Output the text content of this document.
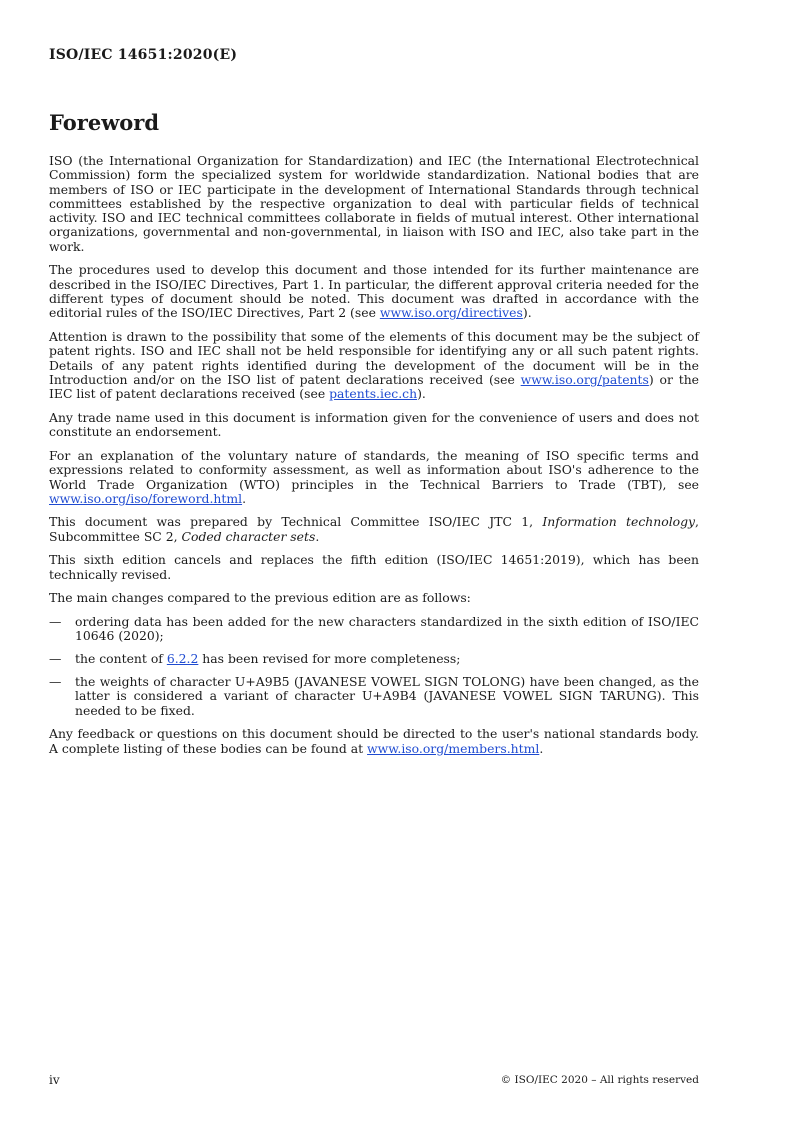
ISO/IEC 14651:2020(E)
Foreword

ISO (the International Organization for Standardization) and IEC (the International Electrotechnical Commission) form the specialized system for worldwide standardization. National bodies that are members of ISO or IEC participate in the development of International Standards through technical committees established by the respective organization to deal with particular fields of technical activity. ISO and IEC technical committees collaborate in fields of mutual interest. Other international organizations, governmental and non-governmental, in liaison with ISO and IEC, also take part in the work.

The procedures used to develop this document and those intended for its further maintenance are described in the ISO/IEC Directives, Part 1. In particular, the different approval criteria needed for the different types of document should be noted. This document was drafted in accordance with the editorial rules of the ISO/IEC Directives, Part 2 (see www.iso.org/directives).

Attention is drawn to the possibility that some of the elements of this document may be the subject of patent rights. ISO and IEC shall not be held responsible for identifying any or all such patent rights. Details of any patent rights identified during the development of the document will be in the Introduction and/or on the ISO list of patent declarations received (see www.iso.org/patents) or the IEC list of patent declarations received (see patents.iec.ch).

Any trade name used in this document is information given for the convenience of users and does not constitute an endorsement.

For an explanation of the voluntary nature of standards, the meaning of ISO specific terms and expressions related to conformity assessment, as well as information about ISO's adherence to the World Trade Organization (WTO) principles in the Technical Barriers to Trade (TBT), see www.iso.org/iso/foreword.html.

This document was prepared by Technical Committee ISO/IEC JTC 1, Information technology, Subcommittee SC 2, Coded character sets.

This sixth edition cancels and replaces the fifth edition (ISO/IEC 14651:2019), which has been technically revised.

The main changes compared to the previous edition are as follows:

—	ordering data has been added for the new characters standardized in the sixth edition of ISO/IEC 10646 (2020);
—	the content of 6.2.2 has been revised for more completeness;
—	the weights of character U+A9B5 (JAVANESE VOWEL SIGN TOLONG) have been changed, as the latter is considered a variant of character U+A9B4 (JAVANESE VOWEL SIGN TARUNG). This needed to be fixed.

Any feedback or questions on this document should be directed to the user's national standards body. A complete listing of these bodies can be found at www.iso.org/members.html.

iv	© ISO/IEC 2020 – All rights reserved
